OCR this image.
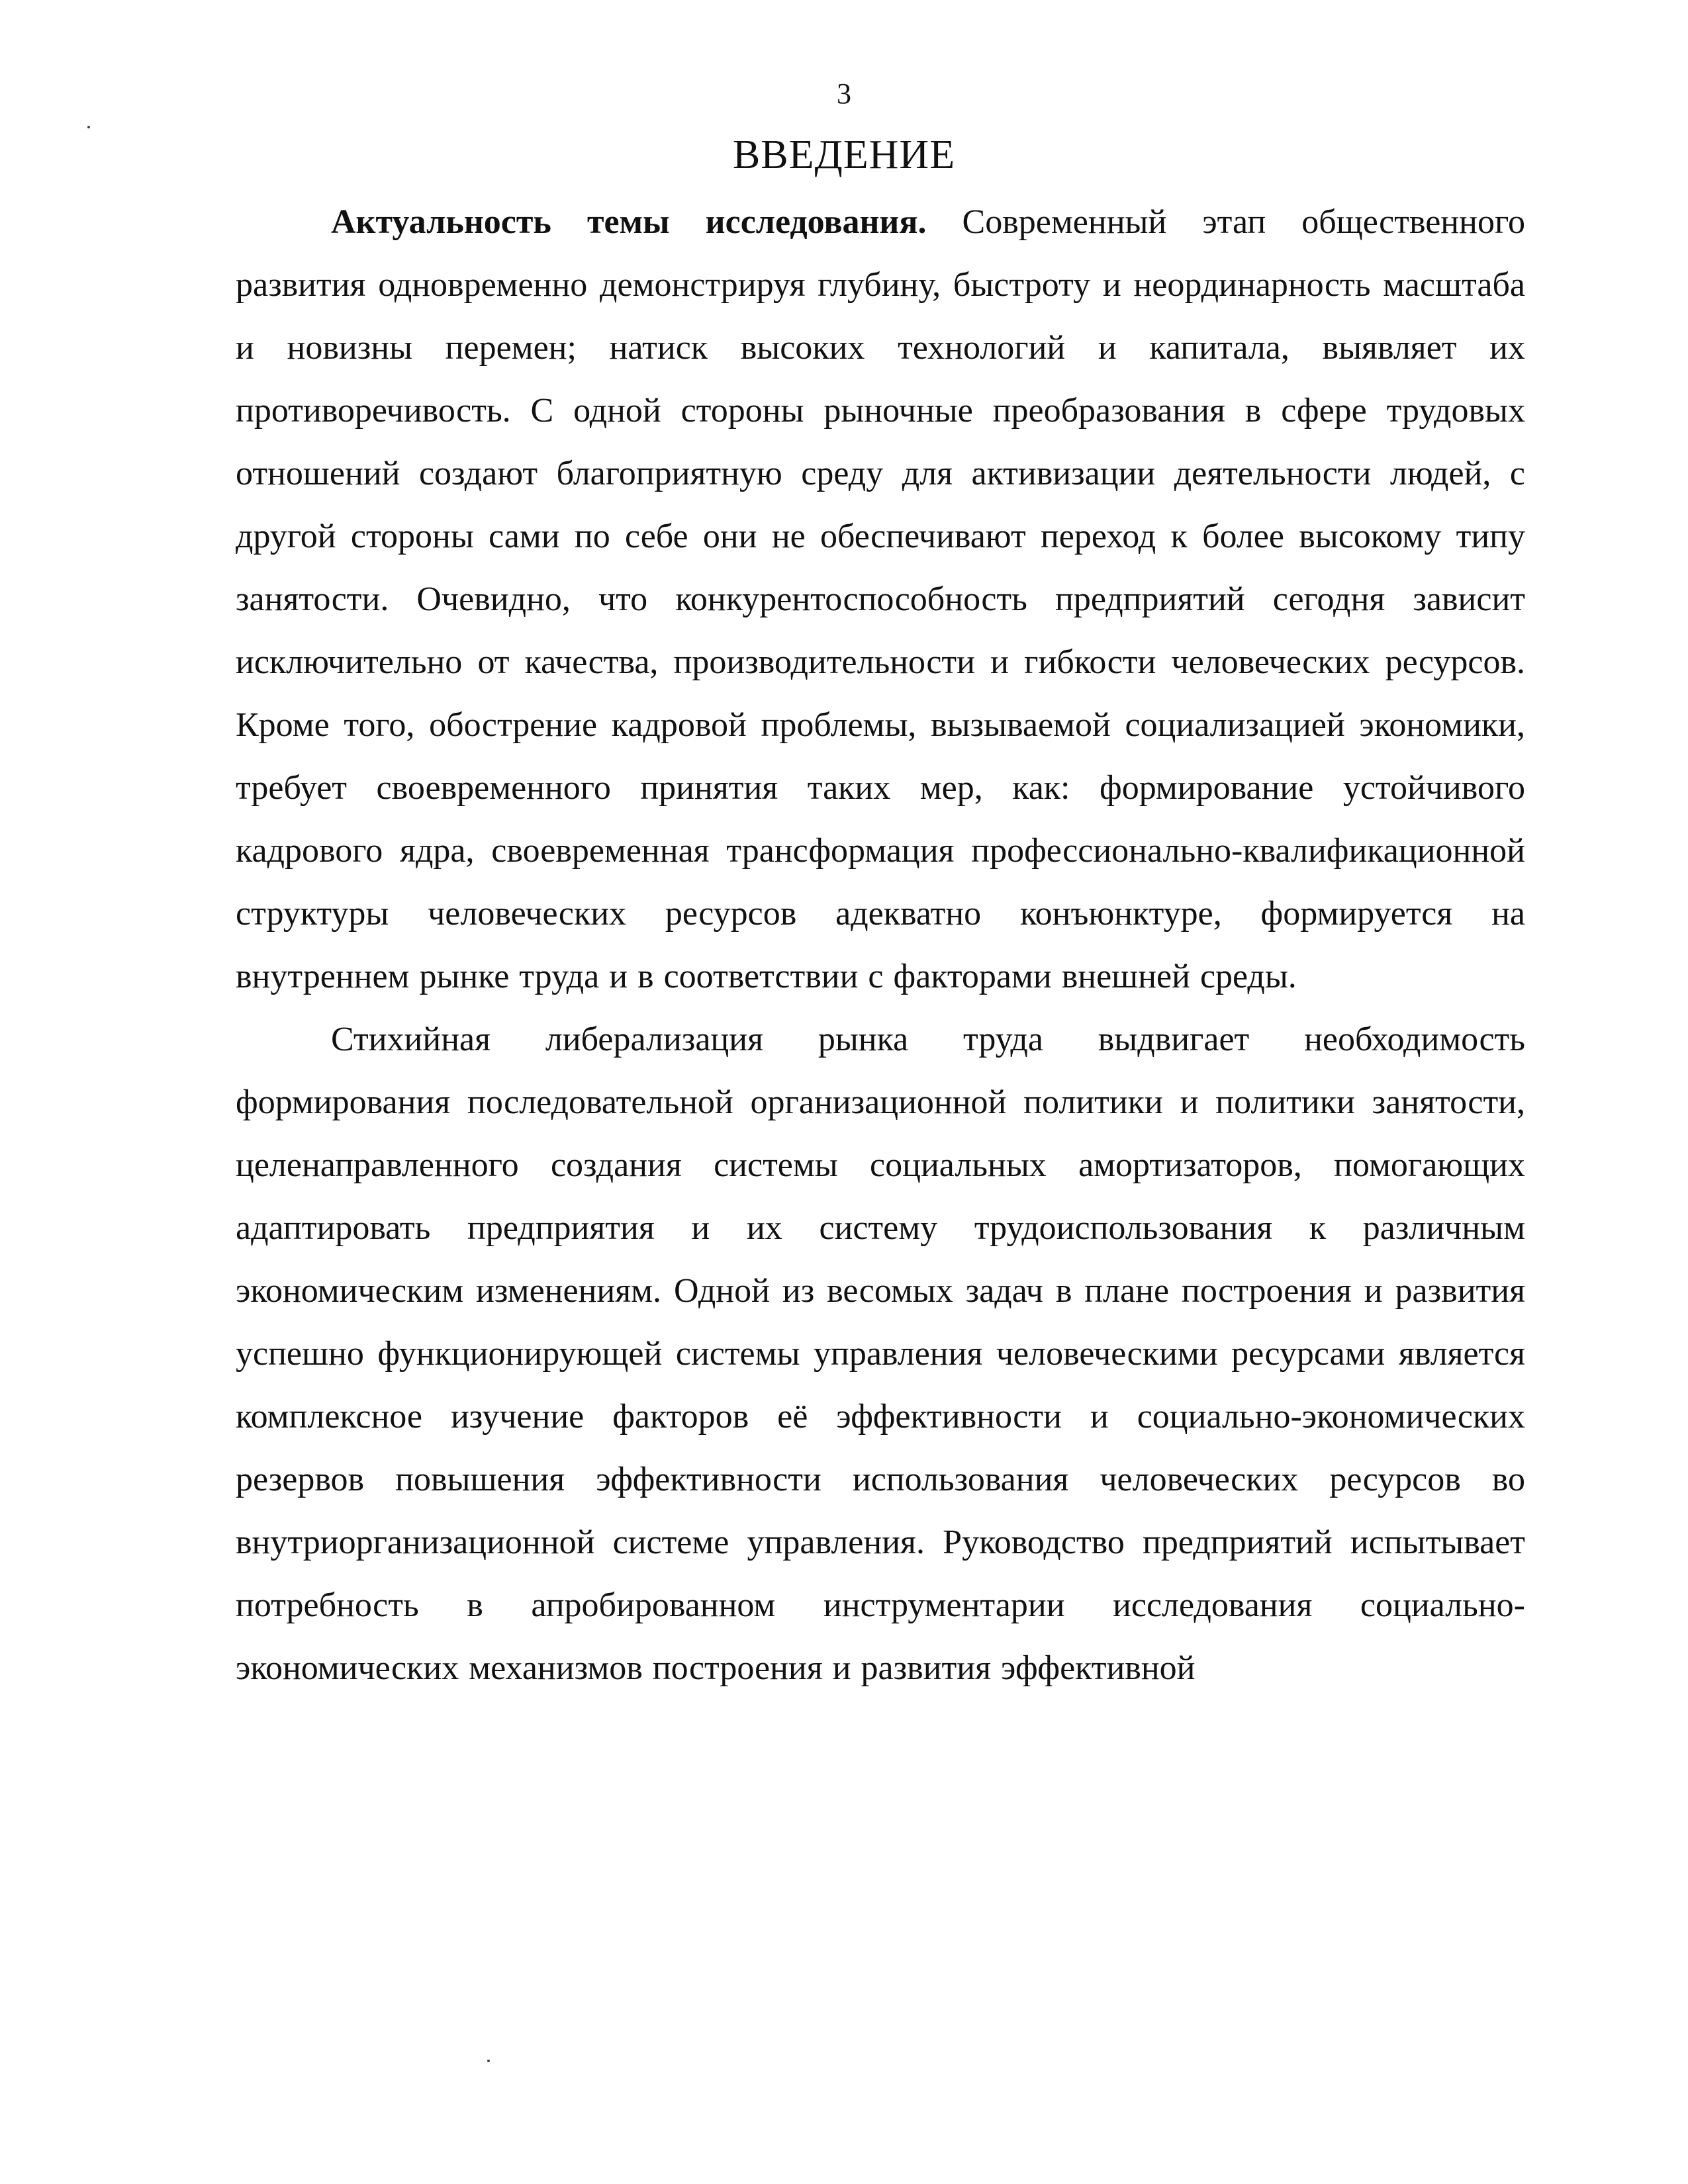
3
ВВЕДЕНИЕ

Актуальность темы исследования. Современный этап общественного развития одновременно демонстрируя глубину, быстроту и неординарность масштаба и новизны перемен; натиск высоких технологий и капитала, выявляет их противоречивость. С одной стороны рыночные преобразования в сфере трудовых отношений создают благоприятную среду для активизации деятельности людей, с другой стороны сами по себе они не обеспечивают переход к более высокому типу занятости. Очевидно, что конкурентоспособность предприятий сегодня зависит исключительно от качества, производительности и гибкости человеческих ресурсов. Кроме того, обострение кадровой проблемы, вызываемой социализацией экономики, требует своевременного принятия таких мер, как: формирование устойчивого кадрового ядра, своевременная трансформация профессионально-квалификационной структуры человеческих ресурсов адекватно конъюнктуре, формируется на внутреннем рынке труда и в соответствии с факторами внешней среды.

Стихийная либерализация рынка труда выдвигает необходимость формирования последовательной организационной политики и политики занятости, целенаправленного создания системы социальных амортизаторов, помогающих адаптировать предприятия и их систему трудоиспользования к различным экономическим изменениям. Одной из весомых задач в плане построения и развития успешно функционирующей системы управления человеческими ресурсами является комплексное изучение факторов её эффективности и социально-экономических резервов повышения эффективности использования человеческих ресурсов во внутриорганизационной системе управления. Руководство предприятий испытывает потребность в апробированном инструментарии исследования социально-экономических механизмов построения и развития эффективной
